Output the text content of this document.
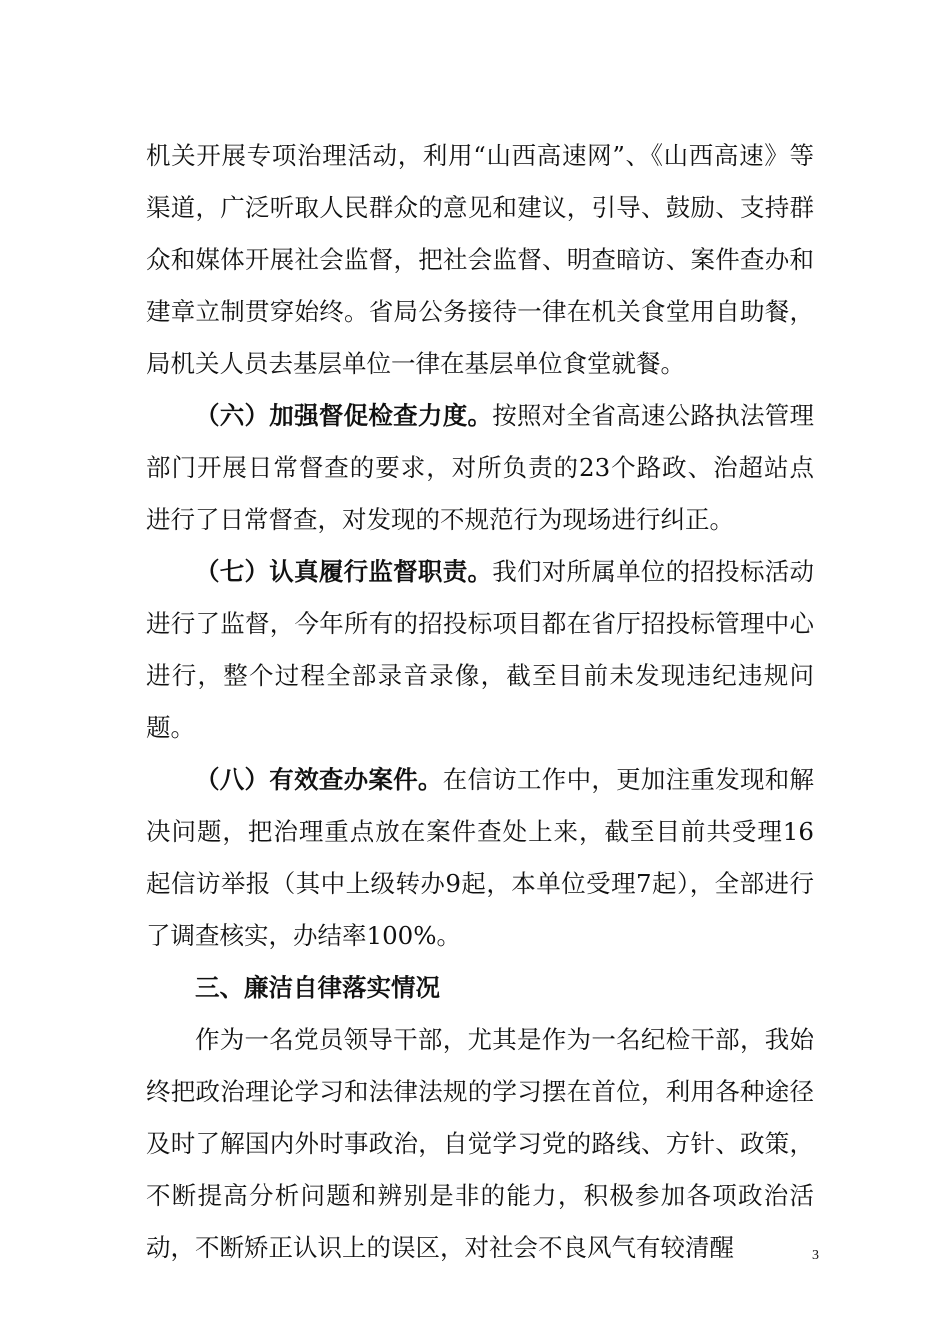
机关开展专项治理活动，利用“山西高速网”、《山西高速》等渠道，广泛听取人民群众的意见和建议，引导、鼓励、支持群众和媒体开展社会监督，把社会监督、明查暗访、案件查办和建章立制贯穿始终。省局公务接待一律在机关食堂用自助餐，局机关人员去基层单位一律在基层单位食堂就餐。

（六）加强督促检查力度。按照对全省高速公路执法管理部门开展日常督查的要求，对所负责的23个路政、治超站点进行了日常督查，对发现的不规范行为现场进行纠正。

（七）认真履行监督职责。我们对所属单位的招投标活动进行了监督，今年所有的招投标项目都在省厅招投标管理中心进行，整个过程全部录音录像，截至目前未发现违纪违规问题。

（八）有效查办案件。在信访工作中，更加注重发现和解决问题，把治理重点放在案件查处上来，截至目前共受理16起信访举报（其中上级转办9起，本单位受理7起），全部进行了调查核实，办结率100%。

三、廉洁自律落实情况

作为一名党员领导干部，尤其是作为一名纪检干部，我始终把政治理论学习和法律法规的学习摆在首位，利用各种途径及时了解国内外时事政治，自觉学习党的路线、方针、政策，不断提高分析问题和辨别是非的能力，积极参加各项政治活动，不断矫正认识上的误区，对社会不良风气有较清醒	3
